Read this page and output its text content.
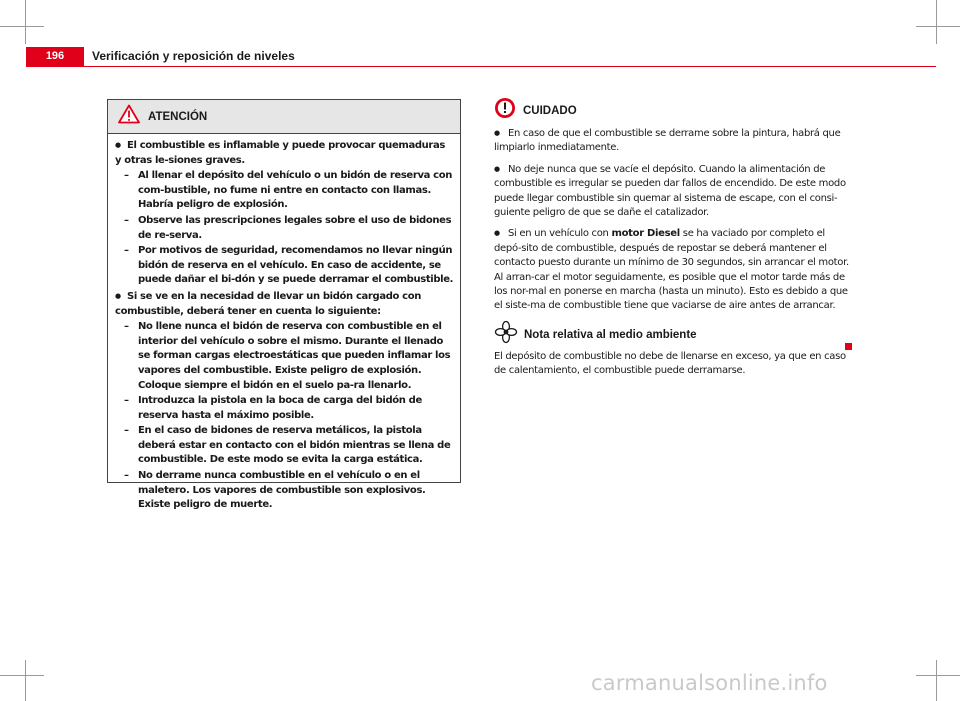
196	Verificación y reposición de niveles
ATENCIÓN
● El combustible es inflamable y puede provocar quemaduras y otras le-siones graves.
– Al llenar el depósito del vehículo o un bidón de reserva con com-bustible, no fume ni entre en contacto con llamas. Habría peligro de explosión.
– Observe las prescripciones legales sobre el uso de bidones de re-serva.
– Por motivos de seguridad, recomendamos no llevar ningún bidón de reserva en el vehículo. En caso de accidente, se puede dañar el bi-dón y se puede derramar el combustible.
● Si se ve en la necesidad de llevar un bidón cargado con combustible, deberá tener en cuenta lo siguiente:
– No llene nunca el bidón de reserva con combustible en el interior del vehículo o sobre el mismo. Durante el llenado se forman cargas electroestáticas que pueden inflamar los vapores del combustible. Existe peligro de explosión. Coloque siempre el bidón en el suelo pa-ra llenarlo.
– Introduzca la pistola en la boca de carga del bidón de reserva hasta el máximo posible.
– En el caso de bidones de reserva metálicos, la pistola deberá estar en contacto con el bidón mientras se llena de combustible. De este modo se evita la carga estática.
– No derrame nunca combustible en el vehículo o en el maletero. Los vapores de combustible son explosivos. Existe peligro de muerte.
CUIDADO
● En caso de que el combustible se derrame sobre la pintura, habrá que limpiarlo inmediatamente.
● No deje nunca que se vacíe el depósito. Cuando la alimentación de combustible es irregular se pueden dar fallos de encendido. De este modo puede llegar combustible sin quemar al sistema de escape, con el consi-guiente peligro de que se dañe el catalizador.
● Si en un vehículo con motor Diesel se ha vaciado por completo el depó-sito de combustible, después de repostar se deberá mantener el contacto puesto durante un mínimo de 30 segundos, sin arrancar el motor. Al arran-car el motor seguidamente, es posible que el motor tarde más de los nor-mal en ponerse en marcha (hasta un minuto). Esto es debido a que el siste-ma de combustible tiene que vaciarse de aire antes de arrancar.
Nota relativa al medio ambiente
El depósito de combustible no debe de llenarse en exceso, ya que en caso de calentamiento, el combustible puede derramarse.
carmanualsonline.info
